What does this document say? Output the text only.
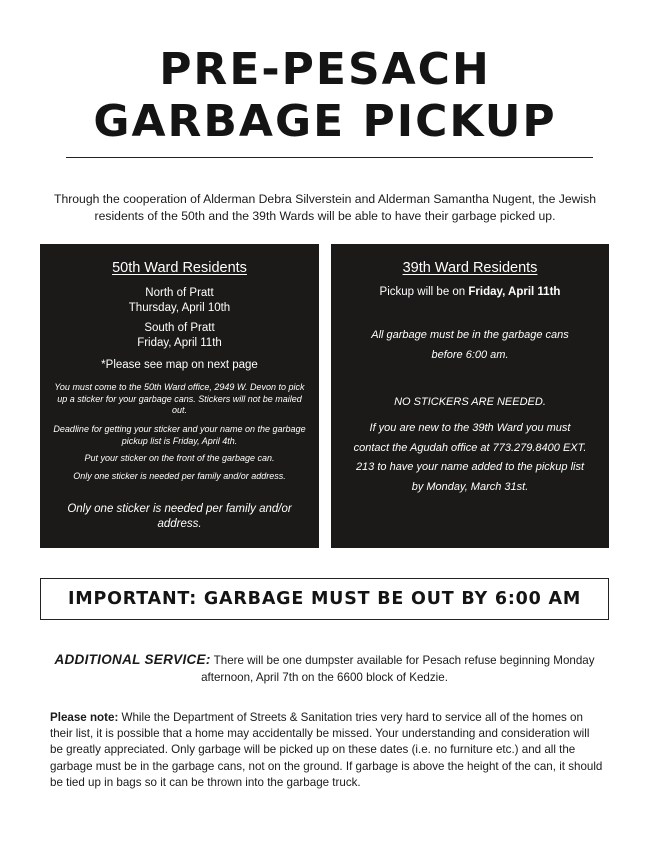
PRE-PESACH
GARBAGE PICKUP
Through the cooperation of Alderman Debra Silverstein and Alderman Samantha Nugent, the Jewish residents of the 50th and the 39th Wards will be able to have their garbage picked up.
50th Ward Residents
North of Pratt
Thursday, April 10th
South of Pratt
Friday, April 11th
*Please see map on next page
You must come to the 50th Ward office, 2949 W. Devon to pick up a sticker for your garbage cans. Stickers will not be mailed out.
Deadline for getting your sticker and your name on the garbage pickup list is Friday, April 4th.
Put your sticker on the front of the garbage can.
Only one sticker is needed per family and/or address.
Only one sticker is needed per family and/or address.
39th Ward Residents
Pickup will be on Friday, April 11th
All garbage must be in the garbage cans before 6:00 am.
NO STICKERS ARE NEEDED.
If you are new to the 39th Ward you must contact the Agudah office at 773.279.8400 EXT. 213 to have your name added to the pickup list by Monday, March 31st.
IMPORTANT: GARBAGE MUST BE OUT BY 6:00 AM
ADDITIONAL SERVICE: There will be one dumpster available for Pesach refuse beginning Monday afternoon, April 7th on the 6600 block of Kedzie.
Please note: While the Department of Streets & Sanitation tries very hard to service all of the homes on their list, it is possible that a home may accidentally be missed. Your understanding and consideration will be greatly appreciated. Only garbage will be picked up on these dates (i.e. no furniture etc.) and all the garbage must be in the garbage cans, not on the ground. If garbage is above the height of the can, it should be tied up in bags so it can be thrown into the garbage truck.
